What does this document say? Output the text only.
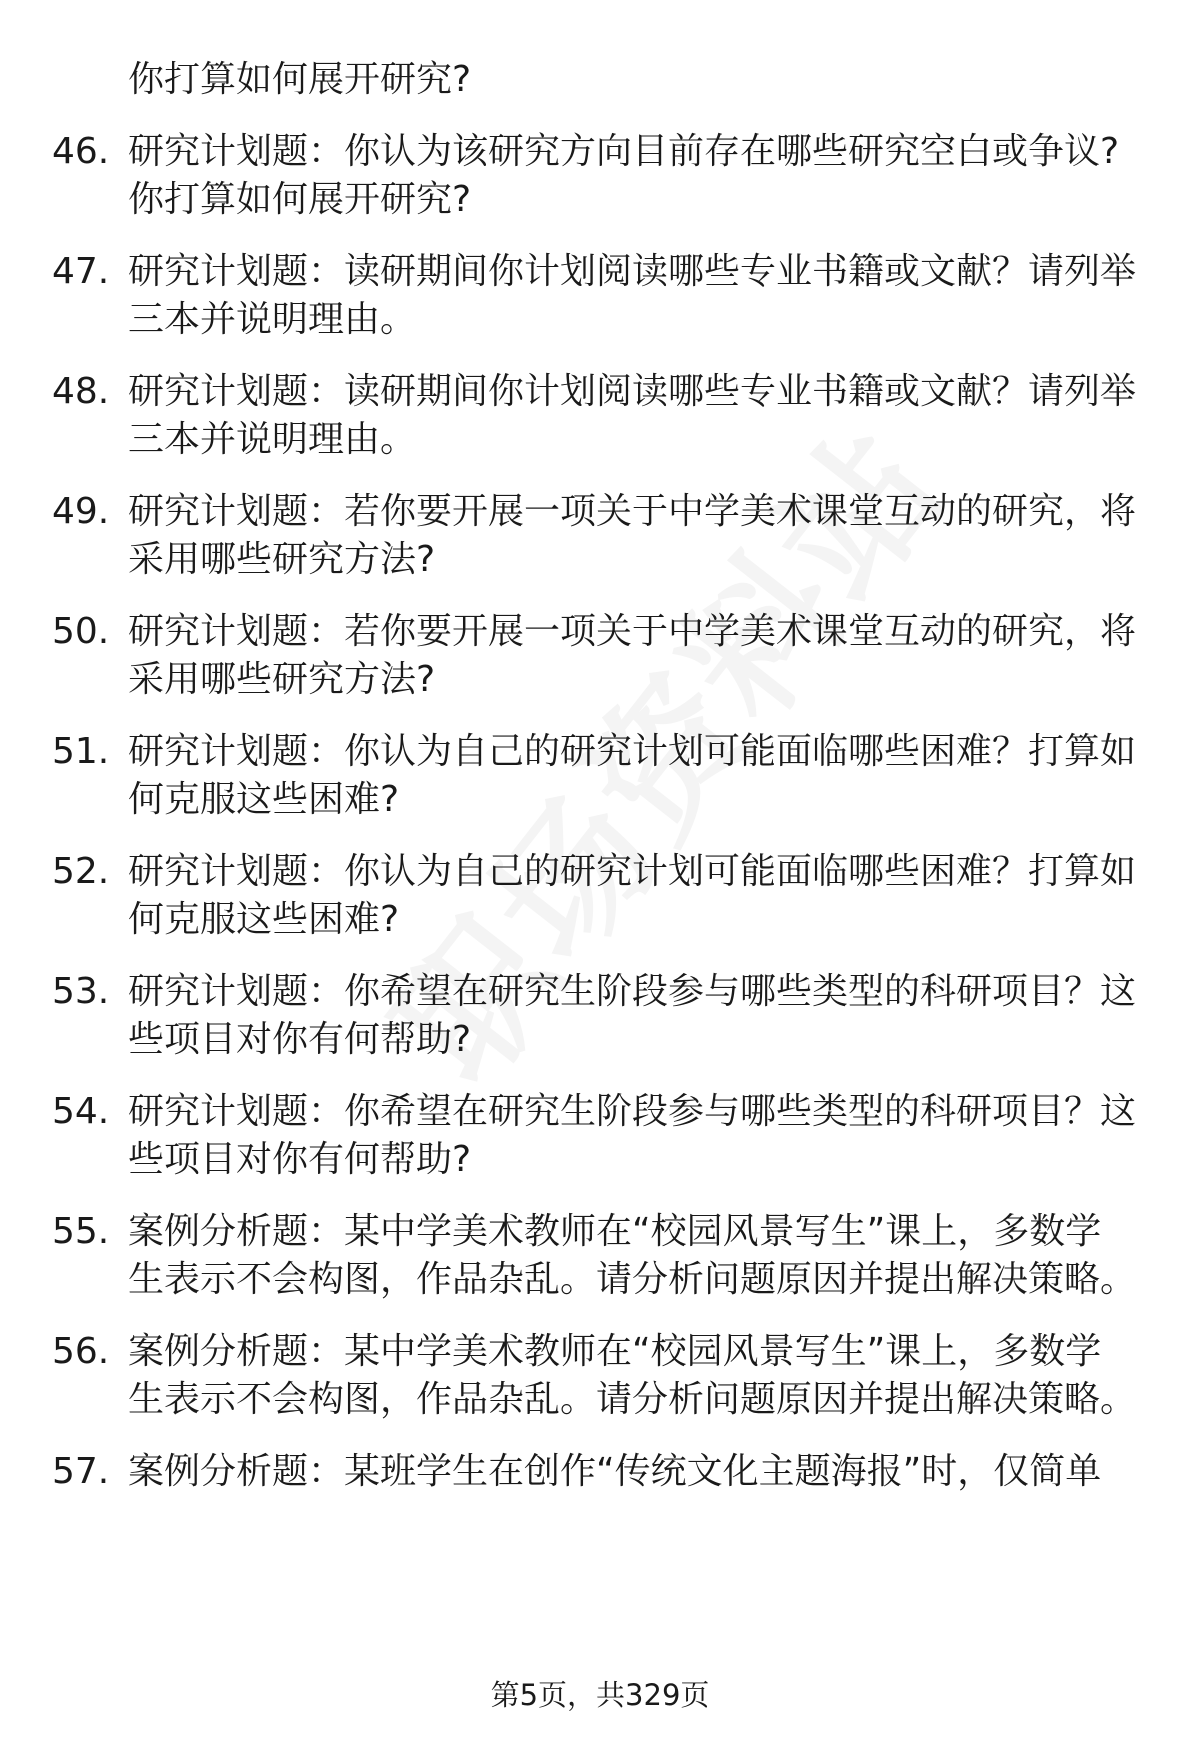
你打算如何展开研究?
46. 研究计划题：你认为该研究方向目前存在哪些研究空白或争议?
你打算如何展开研究?
47. 研究计划题：读研期间你计划阅读哪些专业书籍或文献？请列举
三本并说明理由。
48. 研究计划题：读研期间你计划阅读哪些专业书籍或文献？请列举
三本并说明理由。
49. 研究计划题：若你要开展一项关于中学美术课堂互动的研究，将
采用哪些研究方法?
50. 研究计划题：若你要开展一项关于中学美术课堂互动的研究，将
采用哪些研究方法?
51. 研究计划题：你认为自己的研究计划可能面临哪些困难？打算如
何克服这些困难?
52. 研究计划题：你认为自己的研究计划可能面临哪些困难？打算如
何克服这些困难?
53. 研究计划题：你希望在研究生阶段参与哪些类型的科研项目？这
些项目对你有何帮助?
54. 研究计划题：你希望在研究生阶段参与哪些类型的科研项目？这
些项目对你有何帮助?
55. 案例分析题：某中学美术教师在“校园风景写生”课上，多数学
生表示不会构图，作品杂乱。请分析问题原因并提出解决策略。
56. 案例分析题：某中学美术教师在“校园风景写生”课上，多数学
生表示不会构图，作品杂乱。请分析问题原因并提出解决策略。
57. 案例分析题：某班学生在创作“传统文化主题海报”时，仅简单
第5页，共329页
